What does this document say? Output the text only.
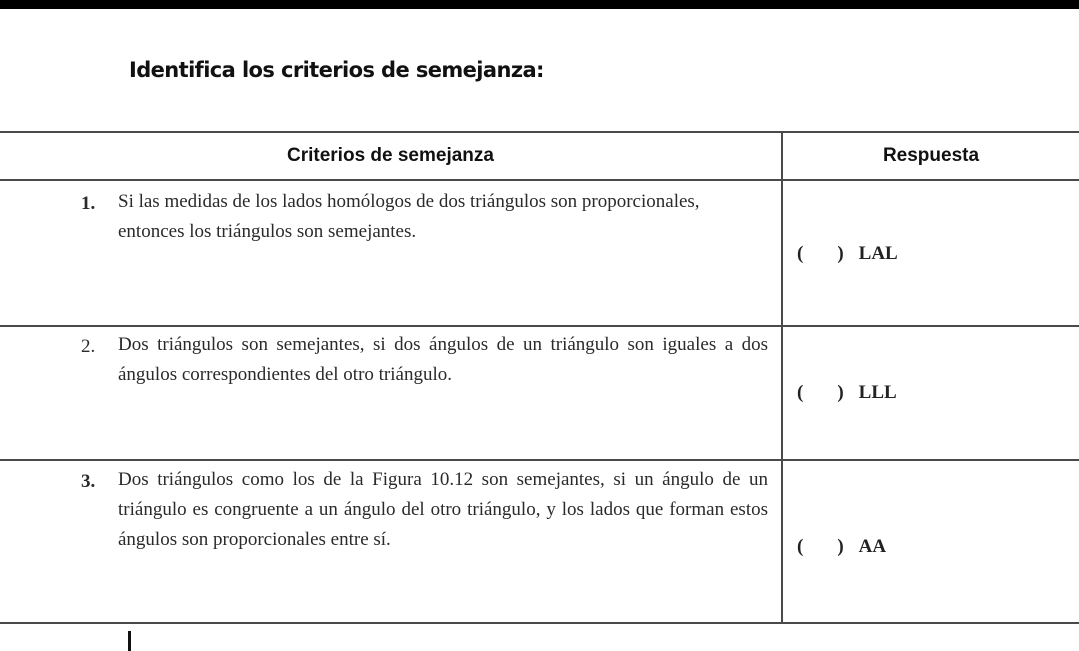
Identifica los criterios de semejanza:
Criterios de semejanza	Respuesta
1. Si las medidas de los lados homólogos de dos triángulos son proporcionales, entonces los triángulos son semejantes.
( ) LAL
2. Dos triángulos son semejantes, si dos ángulos de un triángulo son iguales a dos ángulos correspondientes del otro triángulo.
( ) LLL
3. Dos triángulos como los de la Figura 10.12 son semejantes, si un ángulo de un triángulo es congruente a un ángulo del otro triángulo, y los lados que forman estos ángulos son proporcionales entre sí.	( ) AA
